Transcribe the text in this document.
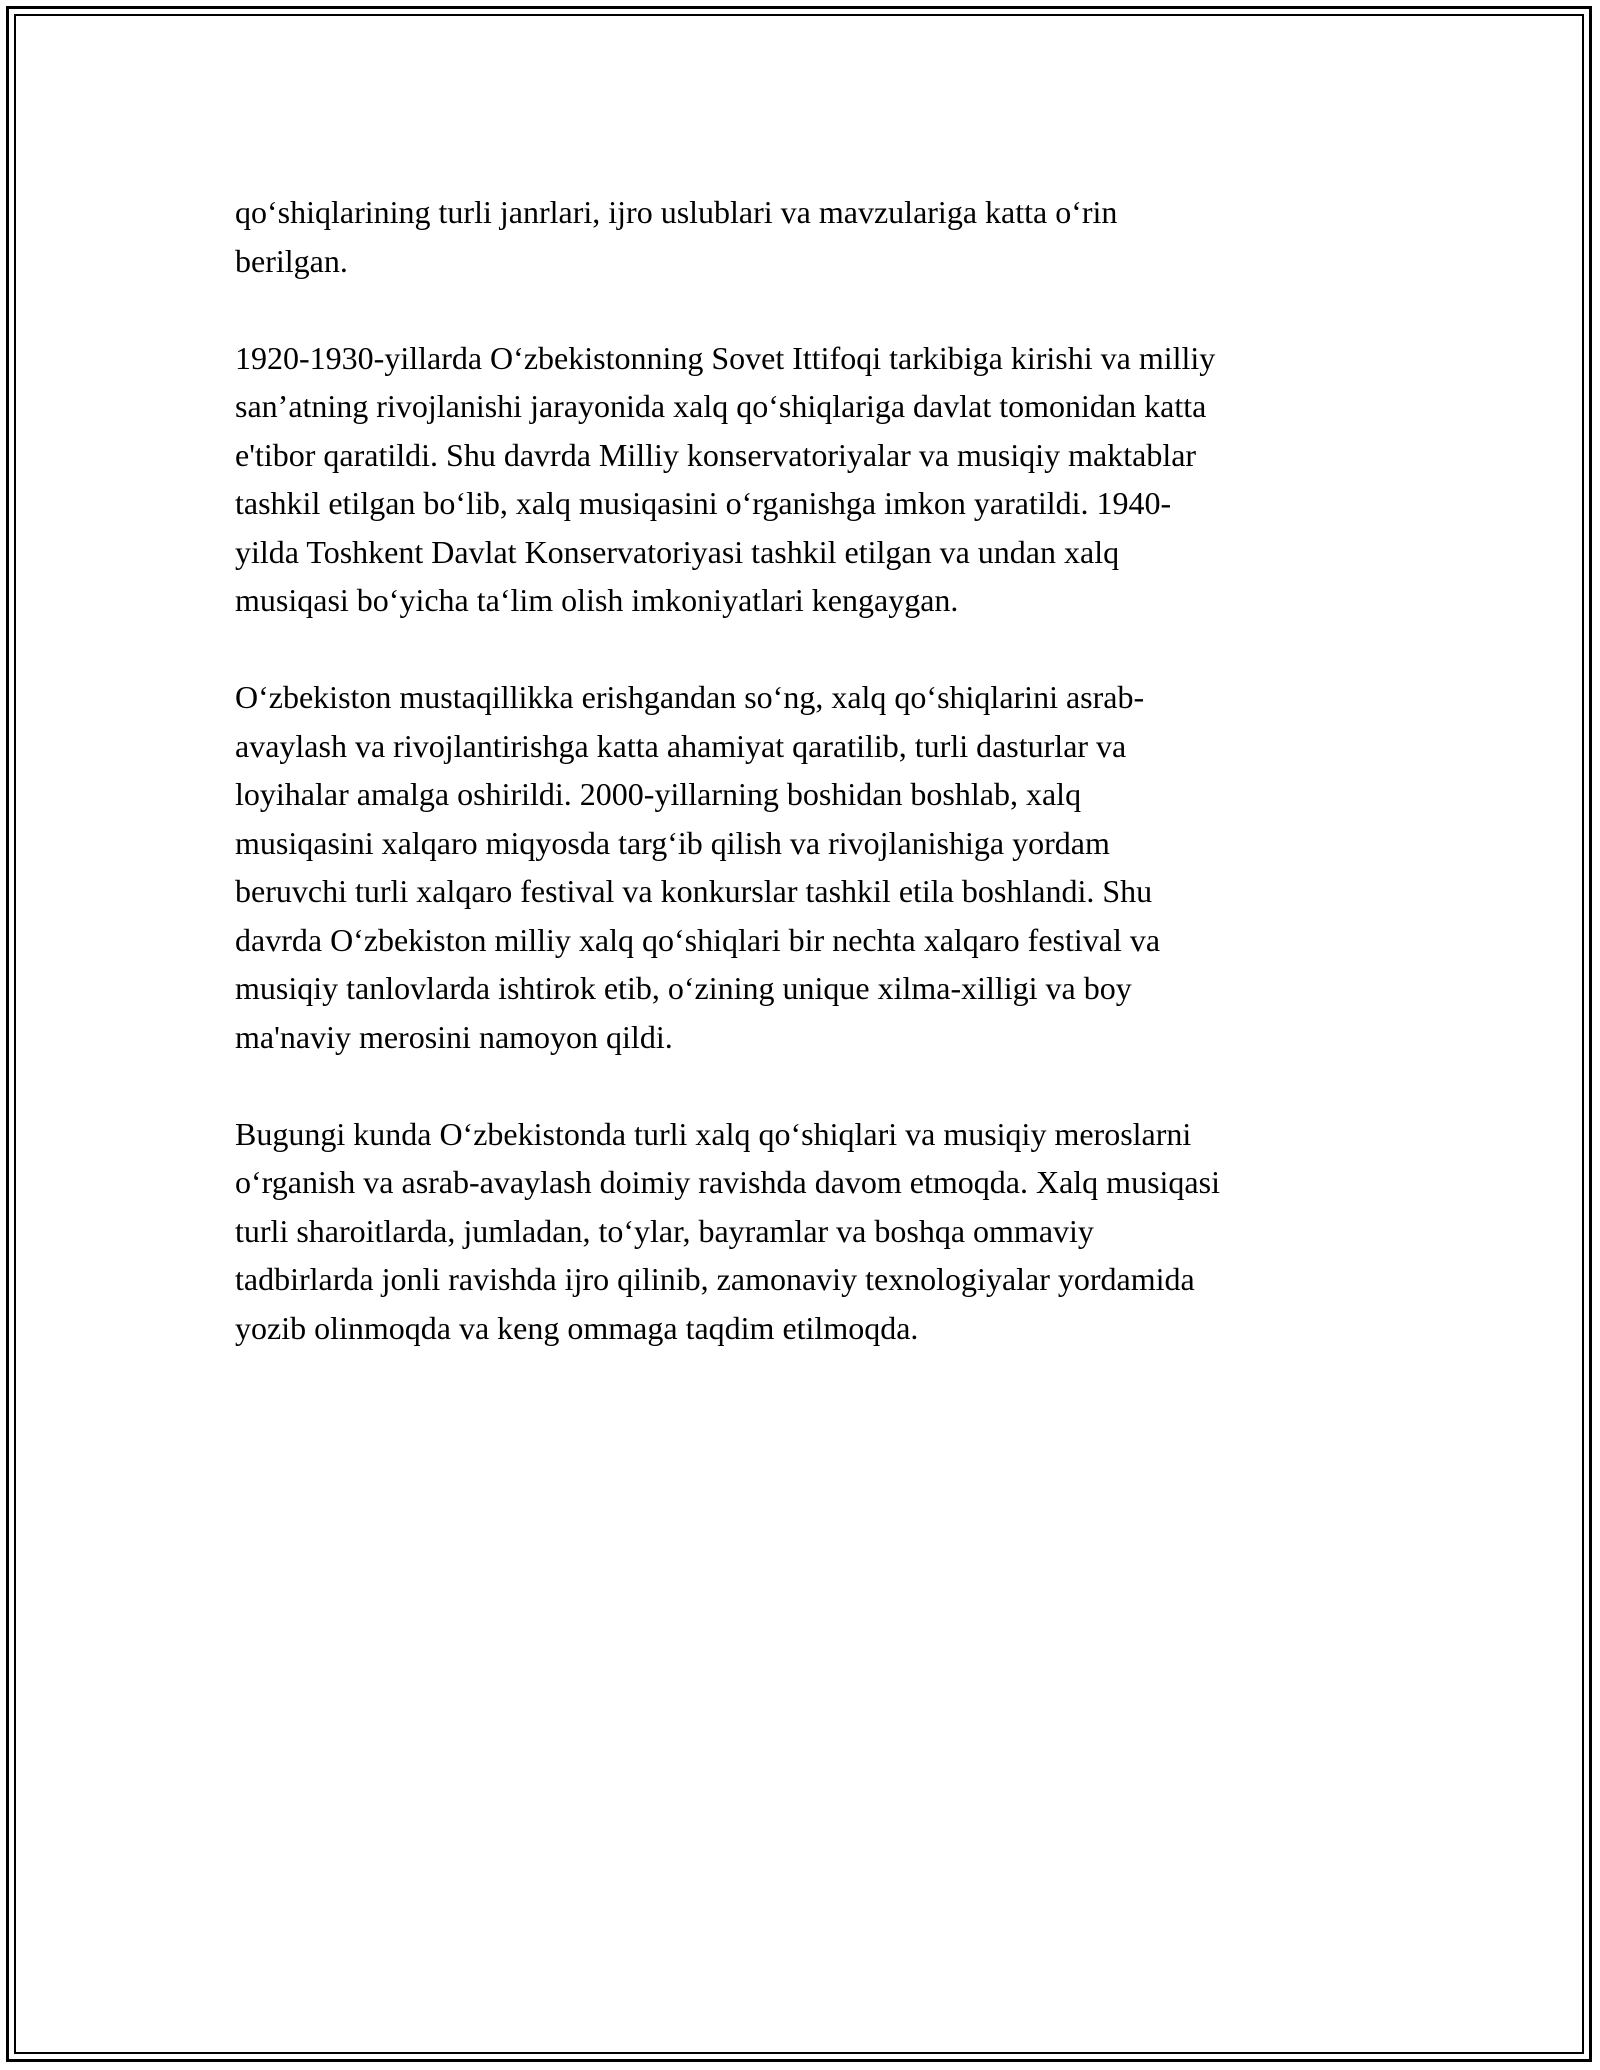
qo‘shiqlarining turli janrlari, ijro uslublari va mavzulariga katta o‘rin
berilgan.

1920-1930-yillarda O‘zbekistonning Sovet Ittifoqi tarkibiga kirishi va milliy
san’atning rivojlanishi jarayonida xalq qo‘shiqlariga davlat tomonidan katta
e'tibor qaratildi. Shu davrda Milliy konservatoriyalar va musiqiy maktablar
tashkil etilgan bo‘lib, xalq musiqasini o‘rganishga imkon yaratildi. 1940-
yilda Toshkent Davlat Konservatoriyasi tashkil etilgan va undan xalq
musiqasi bo‘yicha ta‘lim olish imkoniyatlari kengaygan.

O‘zbekiston mustaqillikka erishgandan so‘ng, xalq qo‘shiqlarini asrab-
avaylash va rivojlantirishga katta ahamiyat qaratilib, turli dasturlar va
loyihalar amalga oshirildi. 2000-yillarning boshidan boshlab, xalq
musiqasini xalqaro miqyosda targ‘ib qilish va rivojlanishiga yordam
beruvchi turli xalqaro festival va konkurslar tashkil etila boshlandi. Shu
davrda O‘zbekiston milliy xalq qo‘shiqlari bir nechta xalqaro festival va
musiqiy tanlovlarda ishtirok etib, o‘zining unique xilma-xilligi va boy
ma'naviy merosini namoyon qildi.

Bugungi kunda O‘zbekistonda turli xalq qo‘shiqlari va musiqiy meroslarni
o‘rganish va asrab-avaylash doimiy ravishda davom etmoqda. Xalq musiqasi
turli sharoitlarda, jumladan, to‘ylar, bayramlar va boshqa ommaviy
tadbirlarda jonli ravishda ijro qilinib, zamonaviy texnologiyalar yordamida
yozib olinmoqda va keng ommaga taqdim etilmoqda.
